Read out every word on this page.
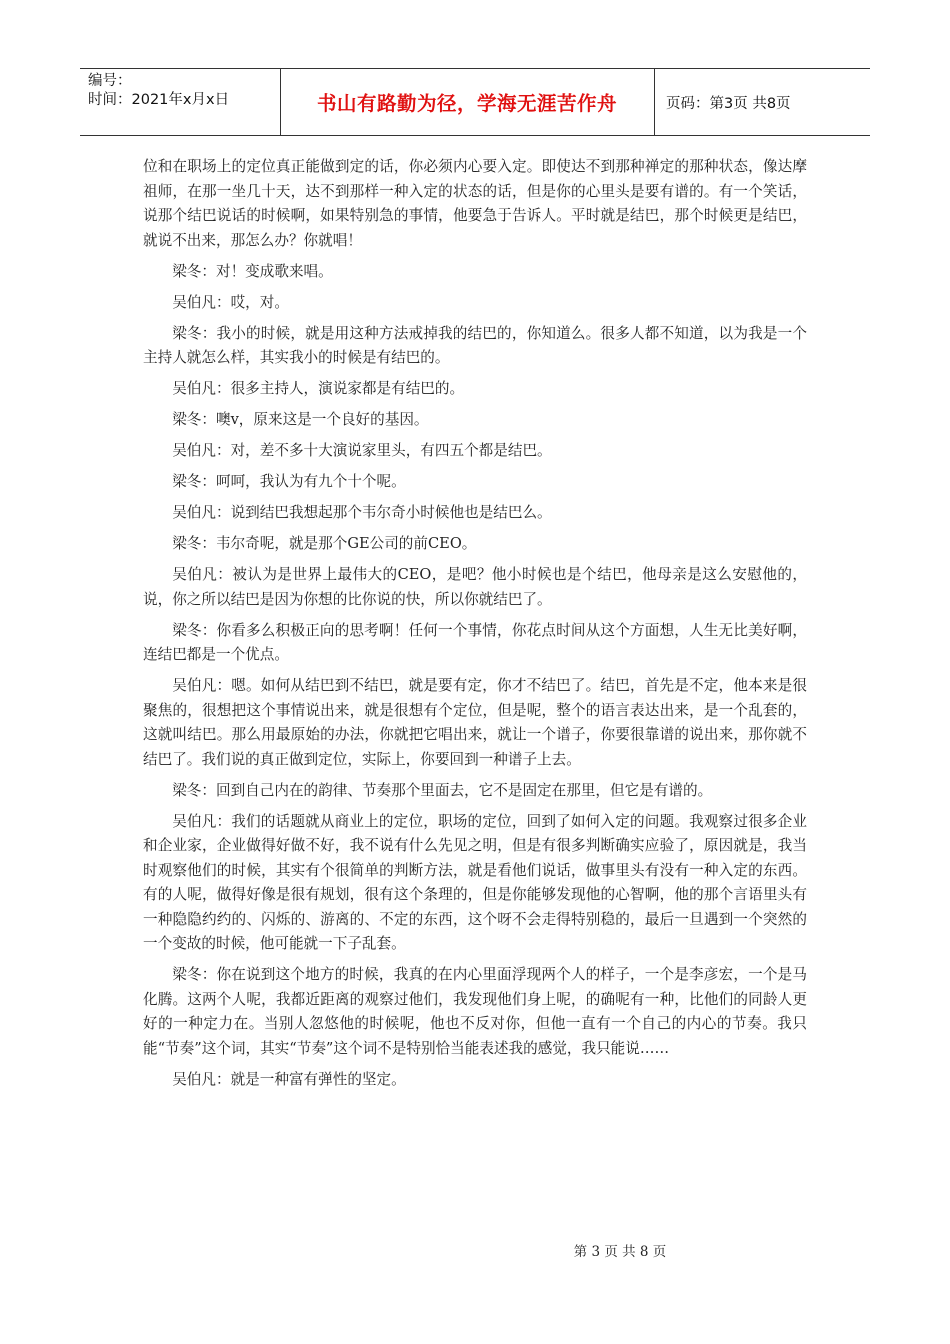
编号：
时间：2021年x月x日	书山有路勤为径，学海无涯苦作舟	页码：第3页 共8页

位和在职场上的定位真正能做到定的话，你必须内心要入定。即使达不到那种禅定的那种状态，像达摩祖师，在那一坐几十天，达不到那样一种入定的状态的话，但是你的心里头是要有谱的。有一个笑话，说那个结巴说话的时候啊，如果特别急的事情，他要急于告诉人。平时就是结巴，那个时候更是结巴，就说不出来，那怎么办？你就唱！

梁冬：对！变成歌来唱。

吴伯凡：哎，对。

梁冬：我小的时候，就是用这种方法戒掉我的结巴的，你知道么。很多人都不知道，以为我是一个主持人就怎么样，其实我小的时候是有结巴的。

吴伯凡：很多主持人，演说家都是有结巴的。

梁冬：噢v，原来这是一个良好的基因。

吴伯凡：对，差不多十大演说家里头，有四五个都是结巴。

梁冬：呵呵，我认为有九个十个呢。

吴伯凡：说到结巴我想起那个韦尔奇小时候他也是结巴么。

梁冬：韦尔奇呢，就是那个GE公司的前CEO。

吴伯凡：被认为是世界上最伟大的CEO，是吧？他小时候也是个结巴，他母亲是这么安慰他的，说，你之所以结巴是因为你想的比你说的快，所以你就结巴了。

梁冬：你看多么积极正向的思考啊！任何一个事情，你花点时间从这个方面想，人生无比美好啊，连结巴都是一个优点。

吴伯凡：嗯。如何从结巴到不结巴，就是要有定，你才不结巴了。结巴，首先是不定，他本来是很聚焦的，很想把这个事情说出来，就是很想有个定位，但是呢，整个的语言表达出来，是一个乱套的，这就叫结巴。那么用最原始的办法，你就把它唱出来，就让一个谱子，你要很靠谱的说出来，那你就不结巴了。我们说的真正做到定位，实际上，你要回到一种谱子上去。

梁冬：回到自己内在的韵律、节奏那个里面去，它不是固定在那里，但它是有谱的。

吴伯凡：我们的话题就从商业上的定位，职场的定位，回到了如何入定的问题。我观察过很多企业和企业家，企业做得好做不好，我不说有什么先见之明，但是有很多判断确实应验了，原因就是，我当时观察他们的时候，其实有个很简单的判断方法，就是看他们说话，做事里头有没有一种入定的东西。有的人呢，做得好像是很有规划，很有这个条理的，但是你能够发现他的心智啊，他的那个言语里头有一种隐隐约约的、闪烁的、游离的、不定的东西，这个呀不会走得特别稳的，最后一旦遇到一个突然的一个变故的时候，他可能就一下子乱套。

梁冬：你在说到这个地方的时候，我真的在内心里面浮现两个人的样子，一个是李彦宏，一个是马化腾。这两个人呢，我都近距离的观察过他们，我发现他们身上呢，的确呢有一种，比他们的同龄人更好的一种定力在。当别人忽悠他的时候呢，他也不反对你，但他一直有一个自己的内心的节奏。我只能“节奏”这个词，其实“节奏”这个词不是特别恰当能表述我的感觉，我只能说……

吴伯凡：就是一种富有弹性的坚定。

第 3 页 共 8 页
